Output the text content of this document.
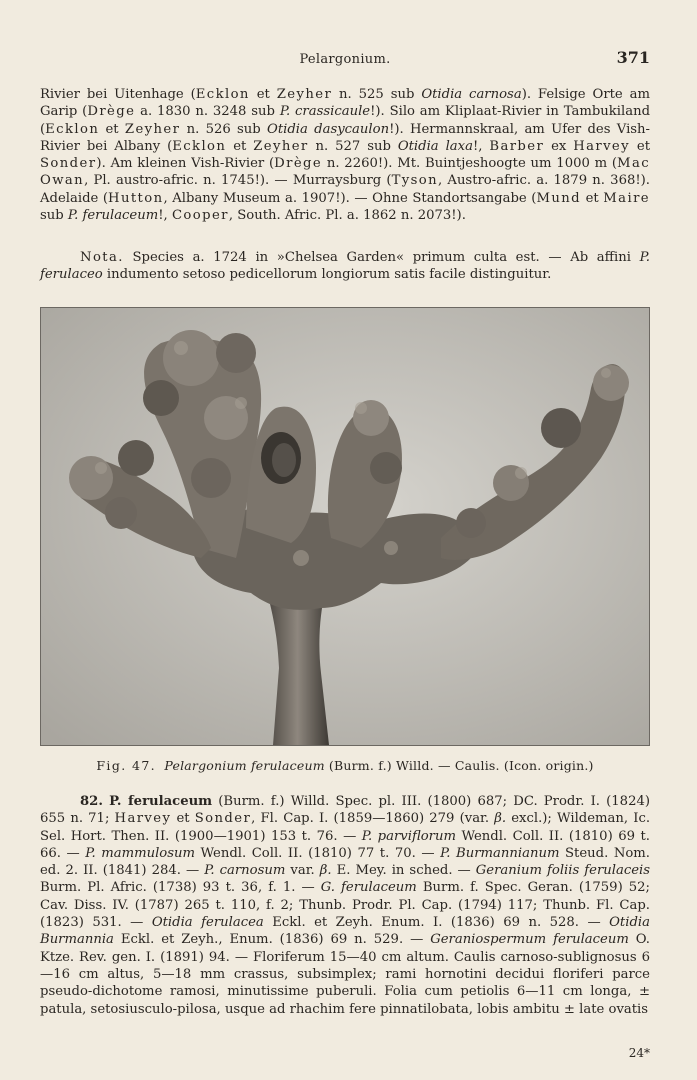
Pelargonium.	371

Rivier bei Uitenhage (Ecklon et Zeyher n. 525 sub Otidia carnosa). Felsige Orte am Garip (Drège a. 1830 n. 3248 sub P. crassicaule!). Silo am Kliplaat-Rivier in Tambukiland (Ecklon et Zeyher n. 526 sub Otidia dasycaulon!). Hermannskraal, am Ufer des Vish-Rivier bei Albany (Ecklon et Zeyher n. 527 sub Otidia laxa!, Barber ex Harvey et Sonder). Am kleinen Vish-Rivier (Drège n. 2260!). Mt. Buintjeshoogte um 1000 m (Mac Owan, Pl. austro-afric. n. 1745!). — Murraysburg (Tyson, Austro-afric. a. 1879 n. 368!). Adelaide (Hutton, Albany Museum a. 1907!). — Ohne Standortsangabe (Mund et Maire sub P. ferulaceum!, Cooper, South. Afric. Pl. a. 1862 n. 2073!).

Nota. Species a. 1724 in »Chelsea Garden« primum culta est. — Ab affini P. ferulaceo indumento setoso pedicellorum longiorum satis facile distinguitur.

Fig. 47. Pelargonium ferulaceum (Burm. f.) Willd. — Caulis. (Icon. origin.)

82. P. ferulaceum (Burm. f.) Willd. Spec. pl. III. (1800) 687; DC. Prodr. I. (1824) 655 n. 71; Harvey et Sonder, Fl. Cap. I. (1859—1860) 279 (var. β. excl.); Wildeman, Ic. Sel. Hort. Then. II. (1900—1901) 153 t. 76. — P. parviflorum Wendl. Coll. II. (1810) 69 t. 66. — P. mammulosum Wendl. Coll. II. (1810) 77 t. 70. — P. Burmannianum Steud. Nom. ed. 2. II. (1841) 284. — P. carnosum var. β. E. Mey. in sched. — Geranium foliis ferulaceis Burm. Pl. Afric. (1738) 93 t. 36, f. 1. — G. ferulaceum Burm. f. Spec. Geran. (1759) 52; Cav. Diss. IV. (1787) 265 t. 110, f. 2; Thunb. Prodr. Pl. Cap. (1794) 117; Thunb. Fl. Cap. (1823) 531. — Otidia ferulacea Eckl. et Zeyh. Enum. I. (1836) 69 n. 528. — Otidia Burmannia Eckl. et Zeyh., Enum. (1836) 69 n. 529. — Geraniospermum ferulaceum O. Ktze. Rev. gen. I. (1891) 94. — Floriferum 15—40 cm altum. Caulis carnoso-sublignosus 6—16 cm altus, 5—18 mm crassus, subsimplex; rami hornotini decidui floriferi parce pseudo-dichotome ramosi, minutissime puberuli. Folia cum petiolis 6—11 cm longa, ± patula, setosiusculo-pilosa, usque ad rhachim fere pinnatilobata, lobis ambitu ± late ovatis

24*
